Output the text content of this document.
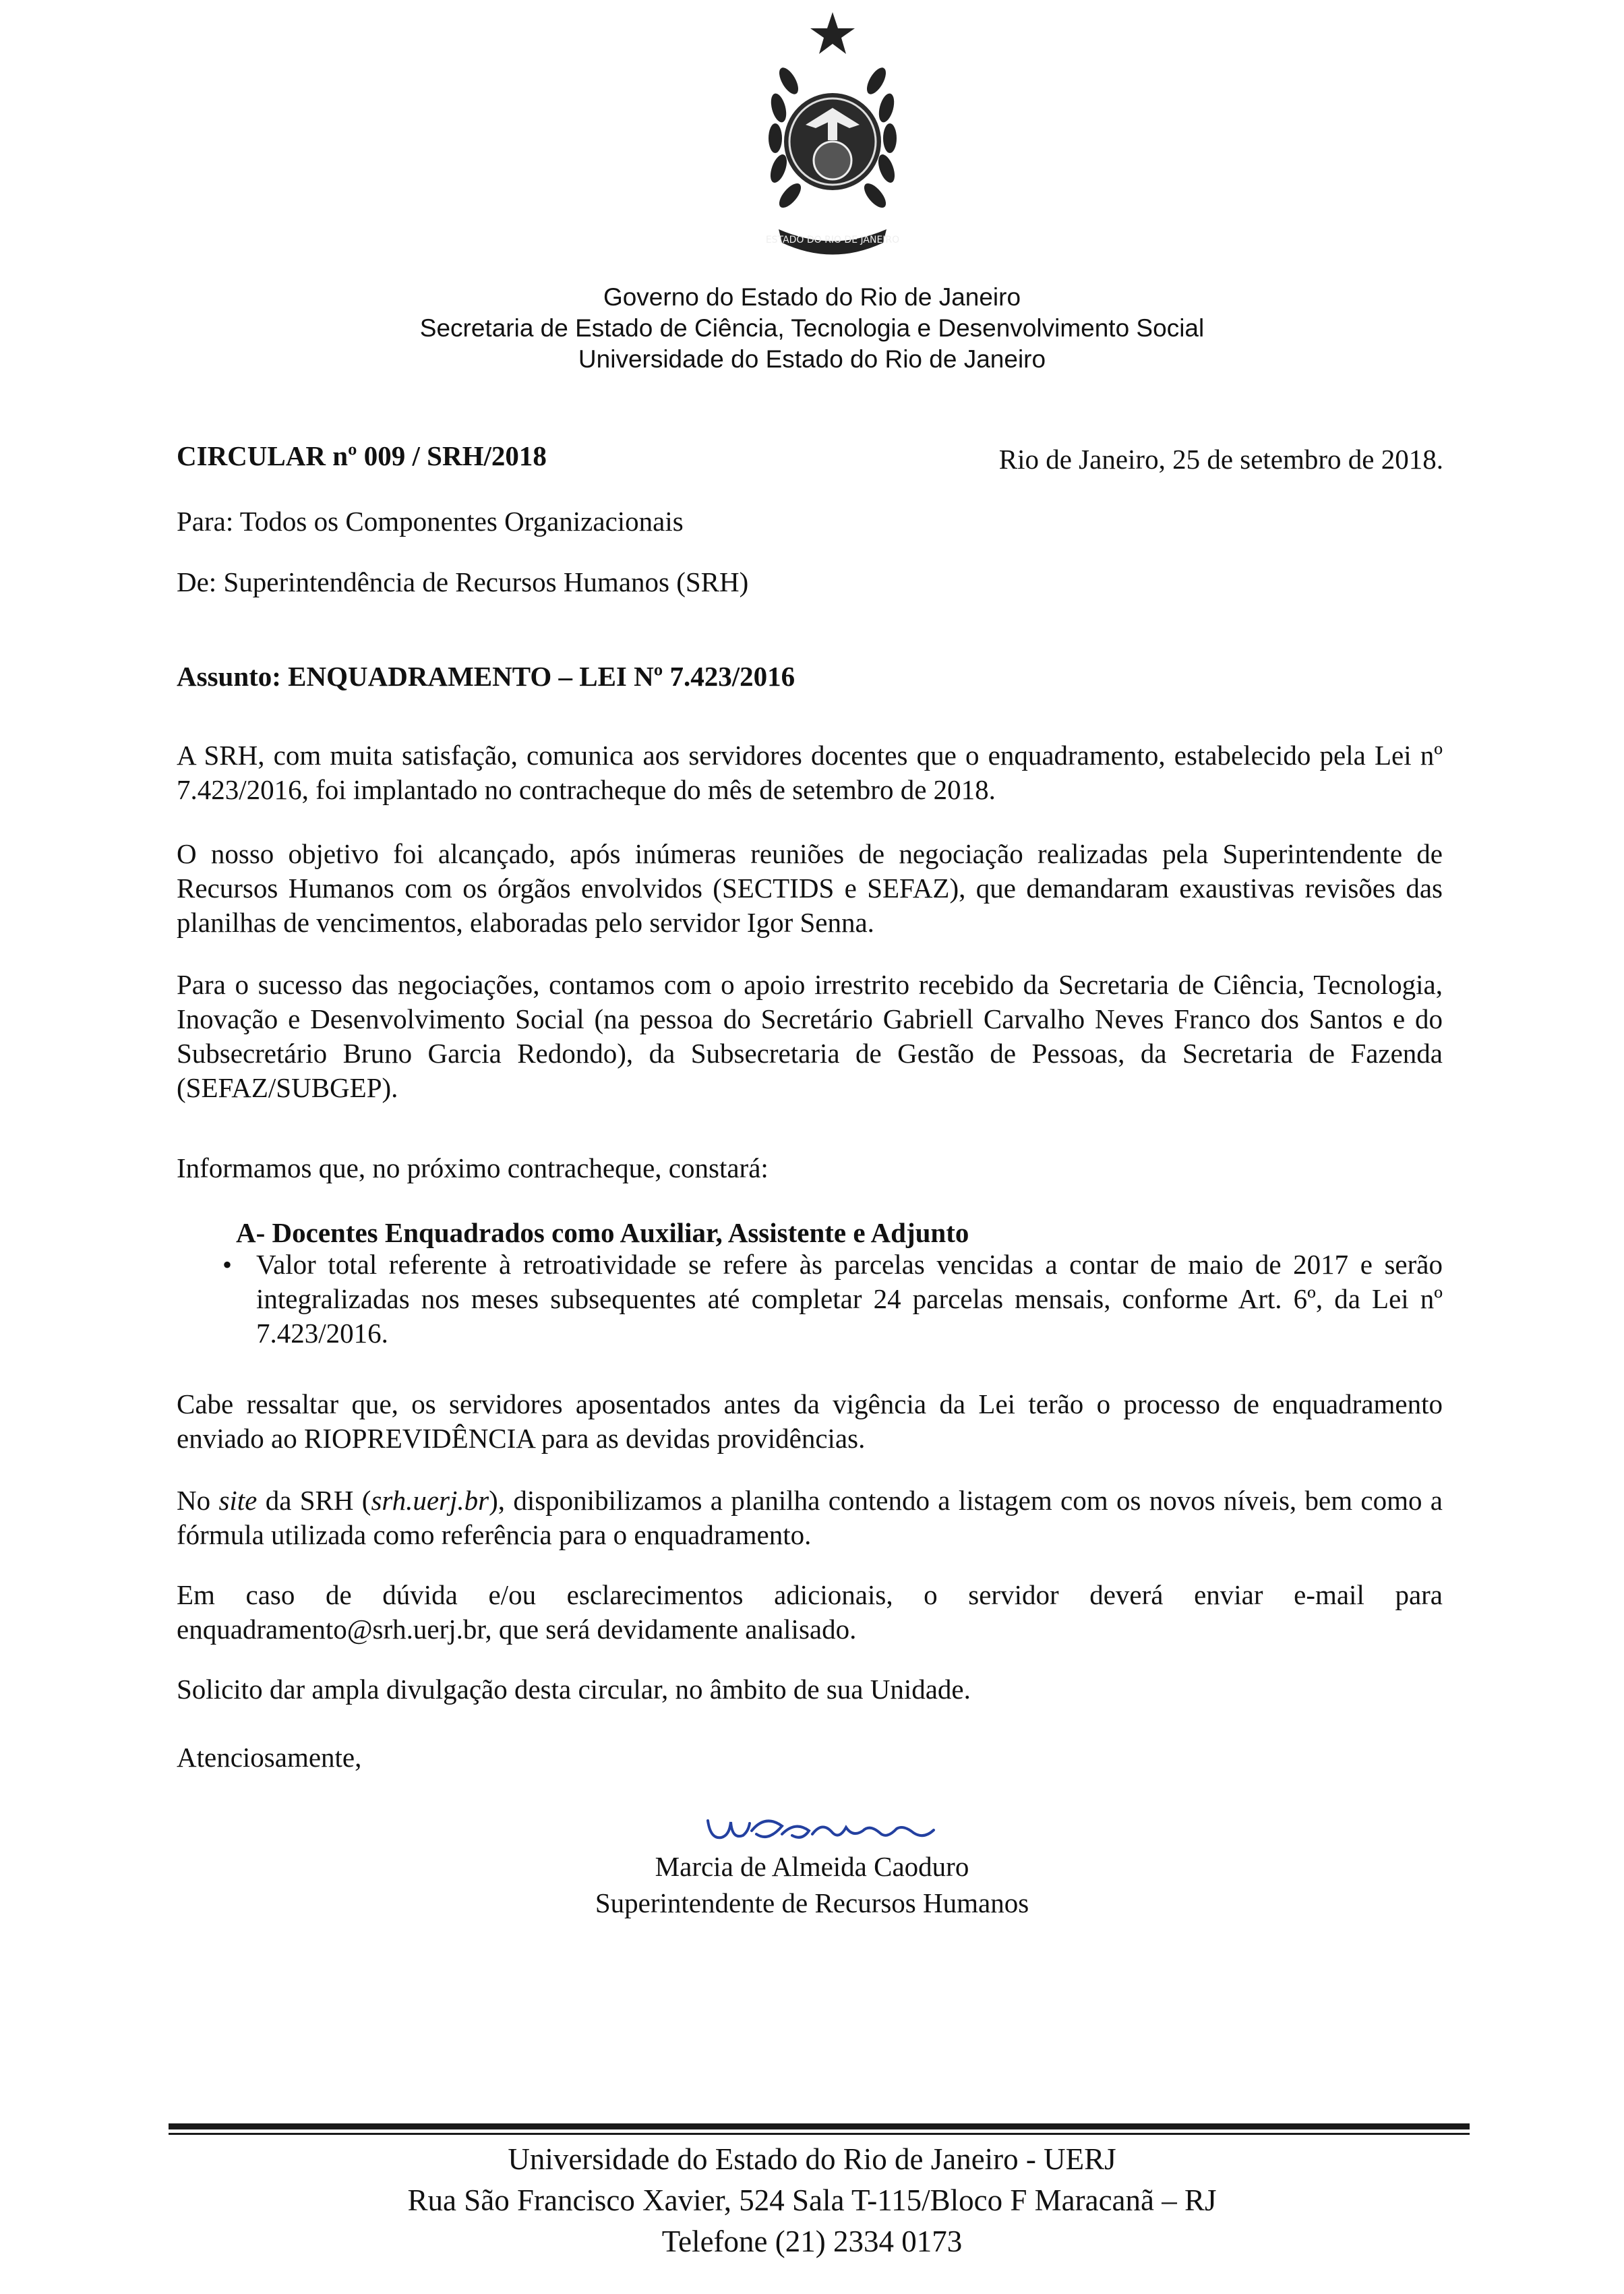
ESTADO DO RIO DE JANEIRO
Governo do Estado do Rio de Janeiro
Secretaria de Estado de Ciência, Tecnologia e Desenvolvimento Social
Universidade do Estado do Rio de Janeiro
CIRCULAR nº 009 / SRH/2018	Rio de Janeiro, 25 de setembro de 2018.
Para: Todos os Componentes Organizacionais
De: Superintendência de Recursos Humanos (SRH)
Assunto: ENQUADRAMENTO – LEI Nº 7.423/2016
A SRH, com muita satisfação, comunica aos servidores docentes que o enquadramento, estabelecido pela Lei nº 7.423/2016, foi implantado no contracheque do mês de setembro de 2018.
O nosso objetivo foi alcançado, após inúmeras reuniões de negociação realizadas pela Superintendente de Recursos Humanos com os órgãos envolvidos (SECTIDS e SEFAZ), que demandaram exaustivas revisões das planilhas de vencimentos, elaboradas pelo servidor Igor Senna.
Para o sucesso das negociações, contamos com o apoio irrestrito recebido da Secretaria de Ciência, Tecnologia, Inovação e Desenvolvimento Social (na pessoa do Secretário Gabriell Carvalho Neves Franco dos Santos e do Subsecretário Bruno Garcia Redondo), da Subsecretaria de Gestão de Pessoas, da Secretaria de Fazenda (SEFAZ/SUBGEP).
Informamos que, no próximo contracheque, constará:
A- Docentes Enquadrados como Auxiliar, Assistente e Adjunto
• Valor total referente à retroatividade se refere às parcelas vencidas a contar de maio de 2017 e serão integralizadas nos meses subsequentes até completar 24 parcelas mensais, conforme Art. 6º, da Lei nº 7.423/2016.
Cabe ressaltar que, os servidores aposentados antes da vigência da Lei terão o processo de enquadramento enviado ao RIOPREVIDÊNCIA para as devidas providências.
No site da SRH (srh.uerj.br), disponibilizamos a planilha contendo a listagem com os novos níveis, bem como a fórmula utilizada como referência para o enquadramento.
Em caso de dúvida e/ou esclarecimentos adicionais, o servidor deverá enviar e-mail para enquadramento@srh.uerj.br, que será devidamente analisado.
Solicito dar ampla divulgação desta circular, no âmbito de sua Unidade.
Atenciosamente,
Marcia de Almeida Caoduro
Superintendente de Recursos Humanos
Universidade do Estado do Rio de Janeiro - UERJ
Rua São Francisco Xavier, 524 Sala T-115/Bloco F Maracanã – RJ
Telefone (21) 2334 0173
